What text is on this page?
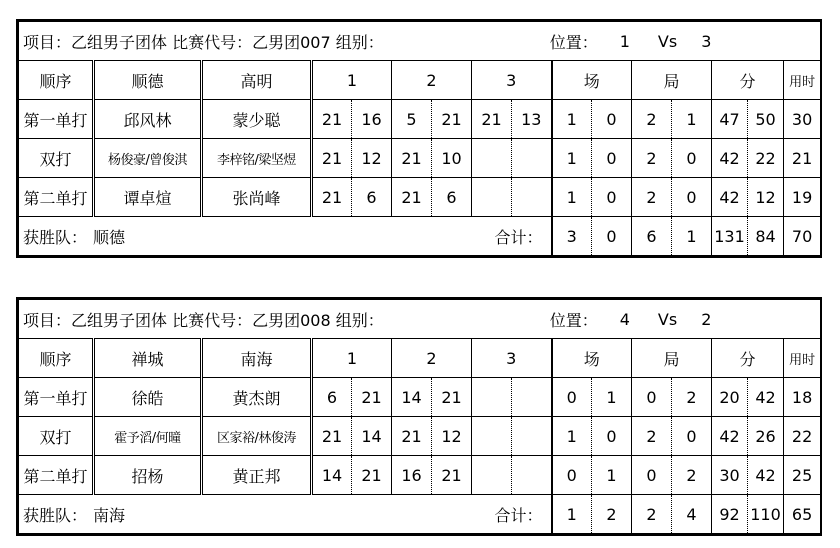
项目：乙组男子团体 比赛代号：乙男团007 组别： 位置： 1 Vs 3															

顺序	顺德	高明	1		2		3		场		局		分		用时
第一单打	邱风林	蒙少聪	21	16	5	21	21	13	1	0	2	1	47	50	30
双打	杨俊豪/曾俊淇	李梓铭/梁坚煜	21	12	21	10			1	0	2	0	42	22	21
第二单打	谭卓煊	张尚峰	21	6	21	6			1	0	2	0	42	12	19

获胜队： 顺德 合计：									3	0	6	1	131	84	70
项目：乙组男子团体 比赛代号：乙男团008 组别： 位置： 4 Vs 2															

顺序	禅城	南海	1		2		3		场		局		分		用时
第一单打	徐皓	黄杰朗	6	21	14	21			0	1	0	2	20	42	18
双打	霍予滔/何曈	区家裕/林俊涛	21	14	21	12			1	0	2	0	42	26	22
第二单打	招杨	黄正邦	14	21	16	21			0	1	0	2	30	42	25

获胜队： 南海 合计：									1	2	2	4	92	110	65
